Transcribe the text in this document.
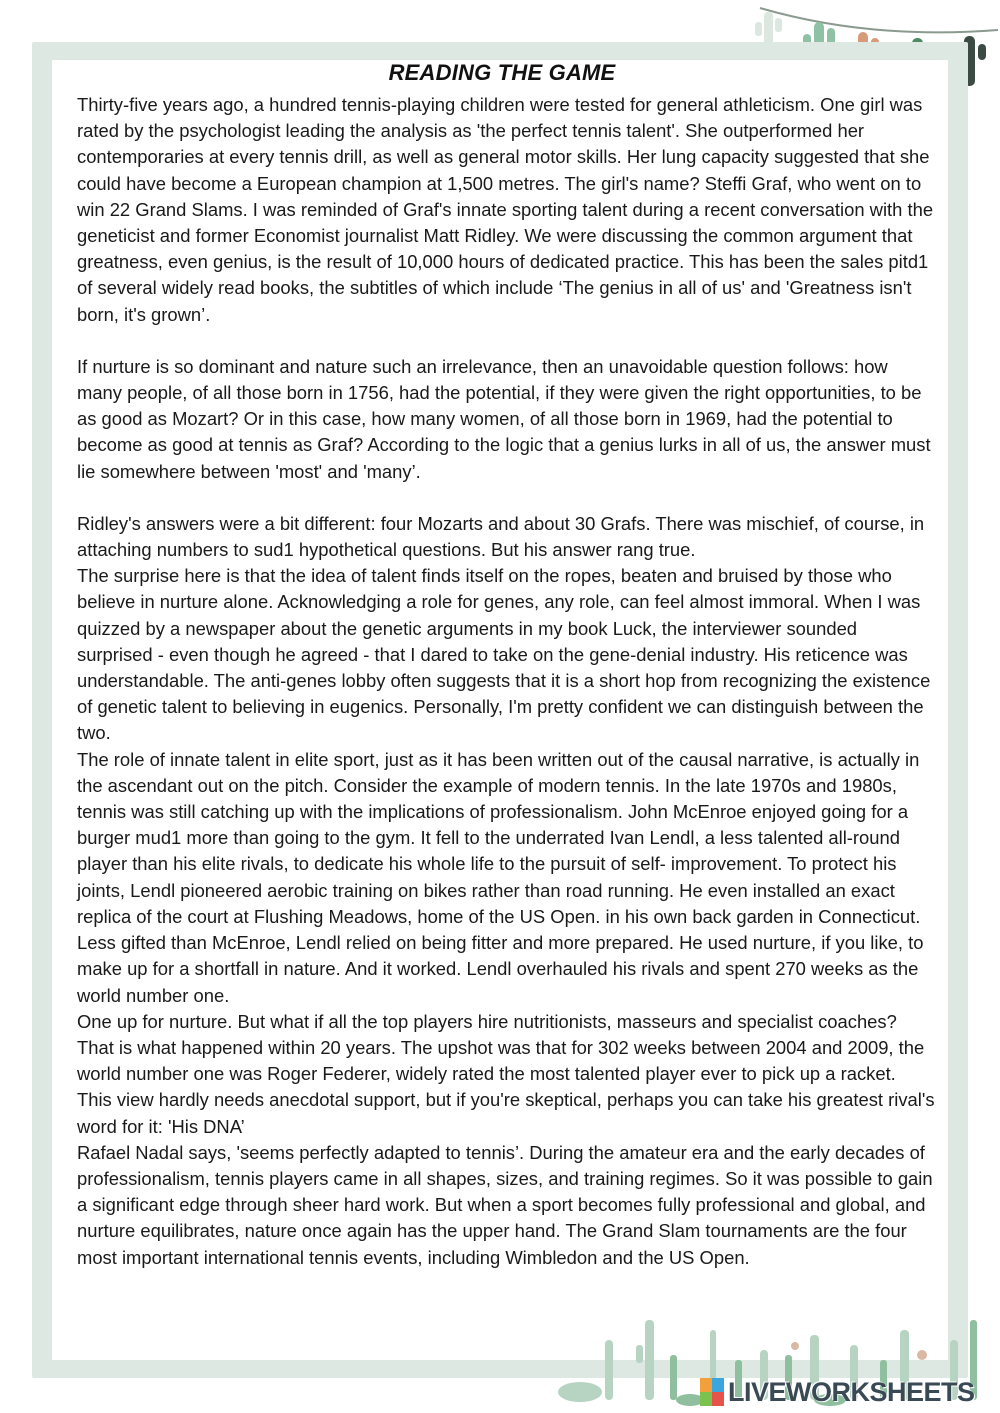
READING THE GAME

Thirty-five years ago, a hundred tennis-playing children were tested for general athleticism. One girl was rated by the psychologist leading the analysis as 'the perfect tennis talent'. She outperformed her contemporaries at every tennis drill, as well as general motor skills. Her lung capacity suggested that she could have become a European champion at 1,500 metres. The girl's name? Steffi Graf, who went on to win 22 Grand Slams. I was reminded of Graf's innate sporting talent during a recent conversation with the geneticist and former Economist journalist Matt Ridley. We were discussing the common argument that greatness, even genius, is the result of 10,000 hours of dedicated practice. This has been the sales pitd1 of several widely read books, the subtitles of which include ‘The genius in all of us' and 'Greatness isn't born, it's grown’.

If nurture is so dominant and nature such an irrelevance, then an unavoidable question follows: how many people, of all those born in 1756, had the potential, if they were given the right opportunities, to be as good as Mozart? Or in this case, how many women, of all those born in 1969, had the potential to become as good at tennis as Graf? According to the logic that a genius lurks in all of us, the answer must lie somewhere between 'most' and 'many’.

Ridley's answers were a bit different: four Mozarts and about 30 Grafs. There was mischief, of course, in attaching numbers to sud1 hypothetical questions. But his answer rang true.

The surprise here is that the idea of talent finds itself on the ropes, beaten and bruised by those who believe in nurture alone. Acknowledging a role for genes, any role, can feel almost immoral. When I was quizzed by a newspaper about the genetic arguments in my book Luck, the interviewer sounded surprised - even though he agreed - that I dared to take on the gene-denial industry. His reticence was understandable. The anti-genes lobby often suggests that it is a short hop from recognizing the existence of genetic talent to believing in eugenics. Personally, I'm pretty confident we can distinguish between the two.

The role of innate talent in elite sport, just as it has been written out of the causal narrative, is actually in the ascendant out on the pitch. Consider the example of modern tennis. In the late 1970s and 1980s, tennis was still catching up with the implications of professionalism. John McEnroe enjoyed going for a burger mud1 more than going to the gym. It fell to the underrated Ivan Lendl, a less talented all-round player than his elite rivals, to dedicate his whole life to the pursuit of self- improvement. To protect his joints, Lendl pioneered aerobic training on bikes rather than road running. He even installed an exact replica of the court at Flushing Meadows, home of the US Open. in his own back garden in Connecticut. Less gifted than McEnroe, Lendl relied on being fitter and more prepared. He used nurture, if you like, to make up for a shortfall in nature. And it worked. Lendl overhauled his rivals and spent 270 weeks as the world number one.

One up for nurture. But what if all the top players hire nutritionists, masseurs and specialist coaches? That is what happened within 20 years. The upshot was that for 302 weeks between 2004 and 2009, the world number one was Roger Federer, widely rated the most talented player ever to pick up a racket. This view hardly needs anecdotal support, but if you're skeptical, perhaps you can take his greatest rival's word for it: 'His DNA’

Rafael Nadal says, 'seems perfectly adapted to tennis’. During the amateur era and the early decades of professionalism, tennis players came in all shapes, sizes, and training regimes. So it was possible to gain a significant edge through sheer hard work. But when a sport becomes fully professional and global, and nurture equilibrates, nature once again has the upper hand. The Grand Slam tournaments are the four most important international tennis events, including Wimbledon and the US Open.

LIVEWORKSHEETS
